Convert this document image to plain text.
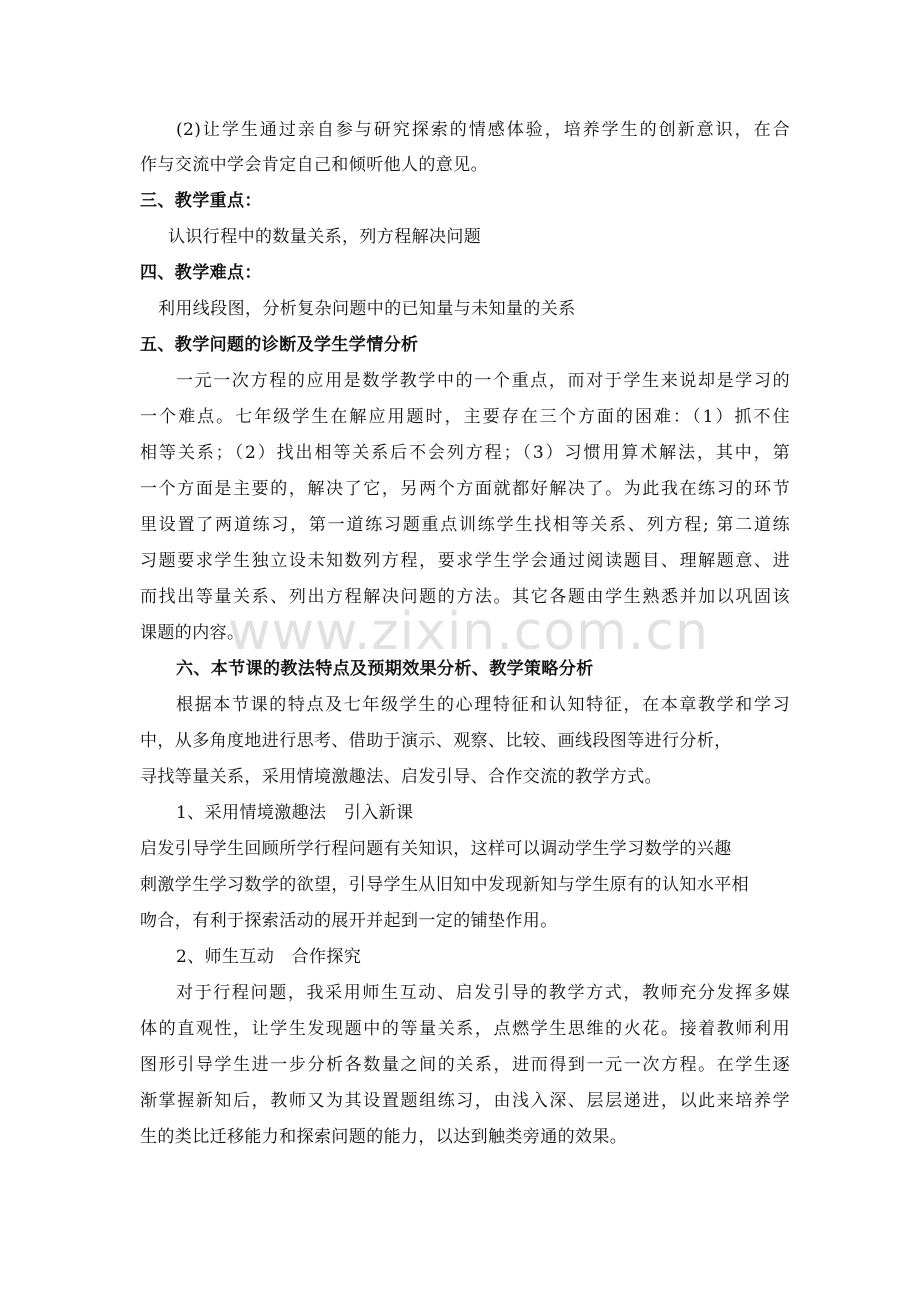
www.zixin.com.cn
(2)让学生通过亲自参与研究探索的情感体验，培养学生的创新意识，在合
作与交流中学会肯定自己和倾听他人的意见。
三、教学重点：
认识行程中的数量关系，列方程解决问题
四、教学难点：
利用线段图，分析复杂问题中的已知量与未知量的关系
五、教学问题的诊断及学生学情分析
一元一次方程的应用是数学教学中的一个重点，而对于学生来说却是学习的
一个难点。七年级学生在解应用题时，主要存在三个方面的困难：（1）抓不住
相等关系；（2）找出相等关系后不会列方程；（3）习惯用算术解法，其中，第
一个方面是主要的，解决了它，另两个方面就都好解决了。为此我在练习的环节
里设置了两道练习，第一道练习题重点训练学生找相等关系、列方程; 第二道练
习题要求学生独立设未知数列方程，要求学生学会通过阅读题目、理解题意、进
而找出等量关系、列出方程解决问题的方法。其它各题由学生熟悉并加以巩固该
课题的内容。
六、本节课的教法特点及预期效果分析、教学策略分析
根据本节课的特点及七年级学生的心理特征和认知特征，在本章教学和学习
中，从多角度地进行思考、借助于演示、观察、比较、画线段图等进行分析，
寻找等量关系，采用情境激趣法、启发引导、合作交流的教学方式。
1、采用情境激趣法　引入新课
启发引导学生回顾所学行程问题有关知识，这样可以调动学生学习数学的兴趣
刺激学生学习数学的欲望，引导学生从旧知中发现新知与学生原有的认知水平相
吻合，有利于探索活动的展开并起到一定的铺垫作用。
2、师生互动　合作探究
对于行程问题，我采用师生互动、启发引导的教学方式，教师充分发挥多媒
体的直观性，让学生发现题中的等量关系，点燃学生思维的火花。接着教师利用
图形引导学生进一步分析各数量之间的关系，进而得到一元一次方程。在学生逐
渐掌握新知后，教师又为其设置题组练习，由浅入深、层层递进，以此来培养学
生的类比迁移能力和探索问题的能力，以达到触类旁通的效果。
